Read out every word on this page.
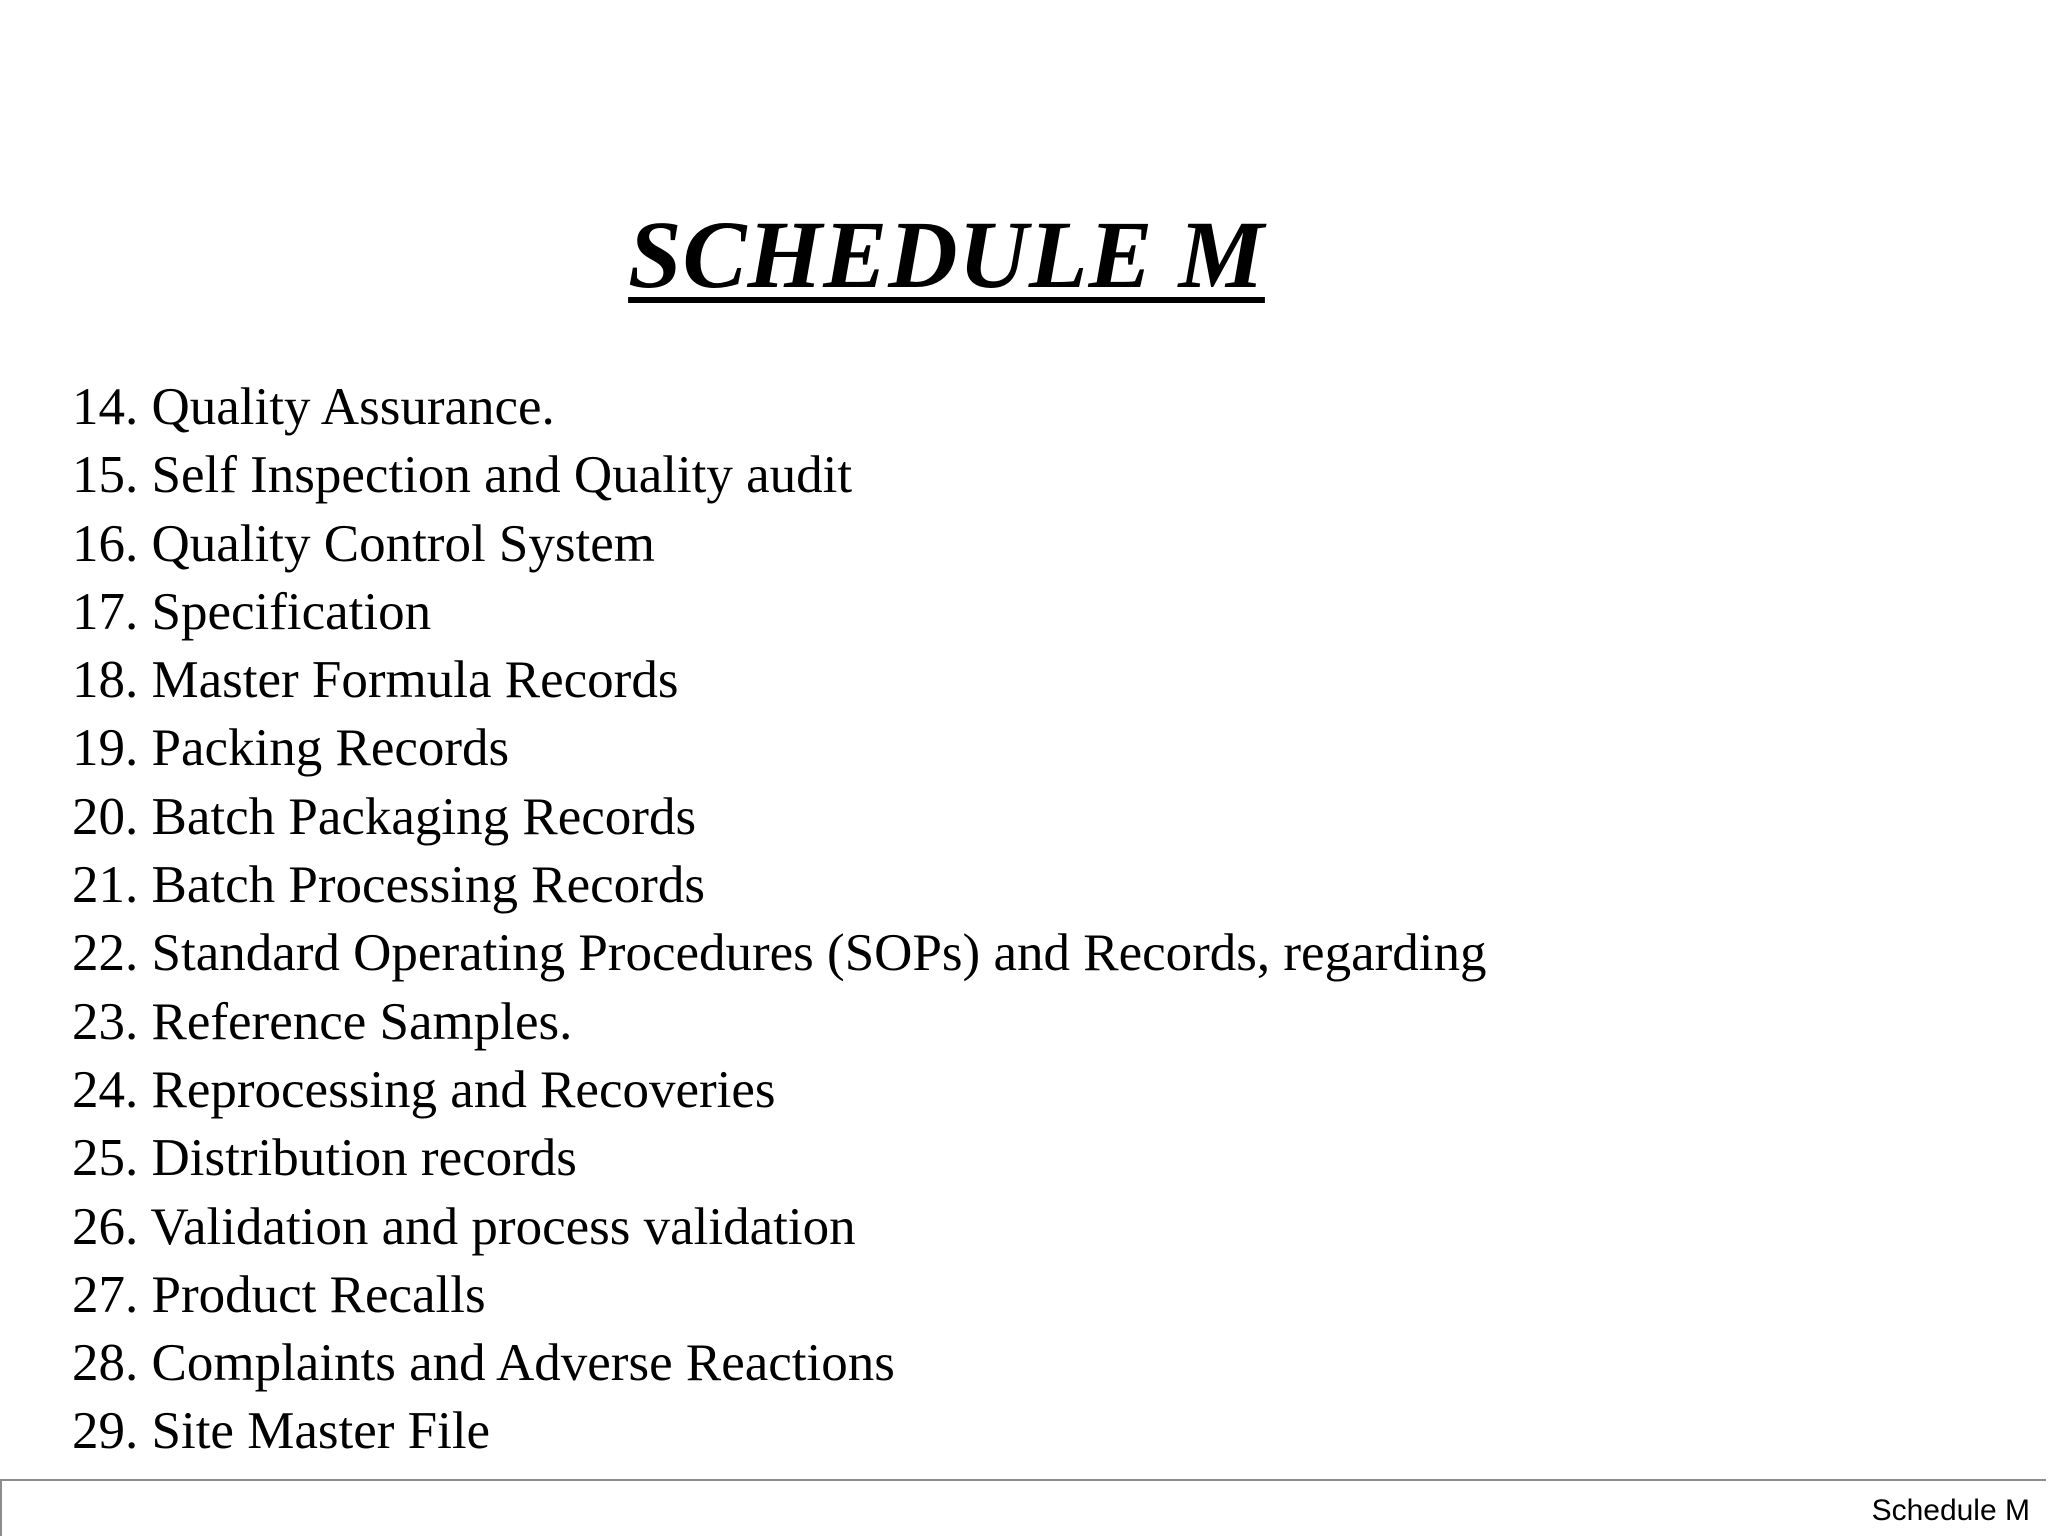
SCHEDULE M
14. Quality Assurance.
15. Self Inspection and Quality audit
16. Quality Control System
17. Specification
18. Master Formula Records
19. Packing Records
20. Batch Packaging Records
21. Batch Processing Records
22. Standard Operating Procedures (SOPs) and Records, regarding
23. Reference Samples.
24. Reprocessing and Recoveries
25. Distribution records
26. Validation and process validation
27. Product Recalls
28. Complaints and Adverse Reactions
29. Site Master File
Schedule M
